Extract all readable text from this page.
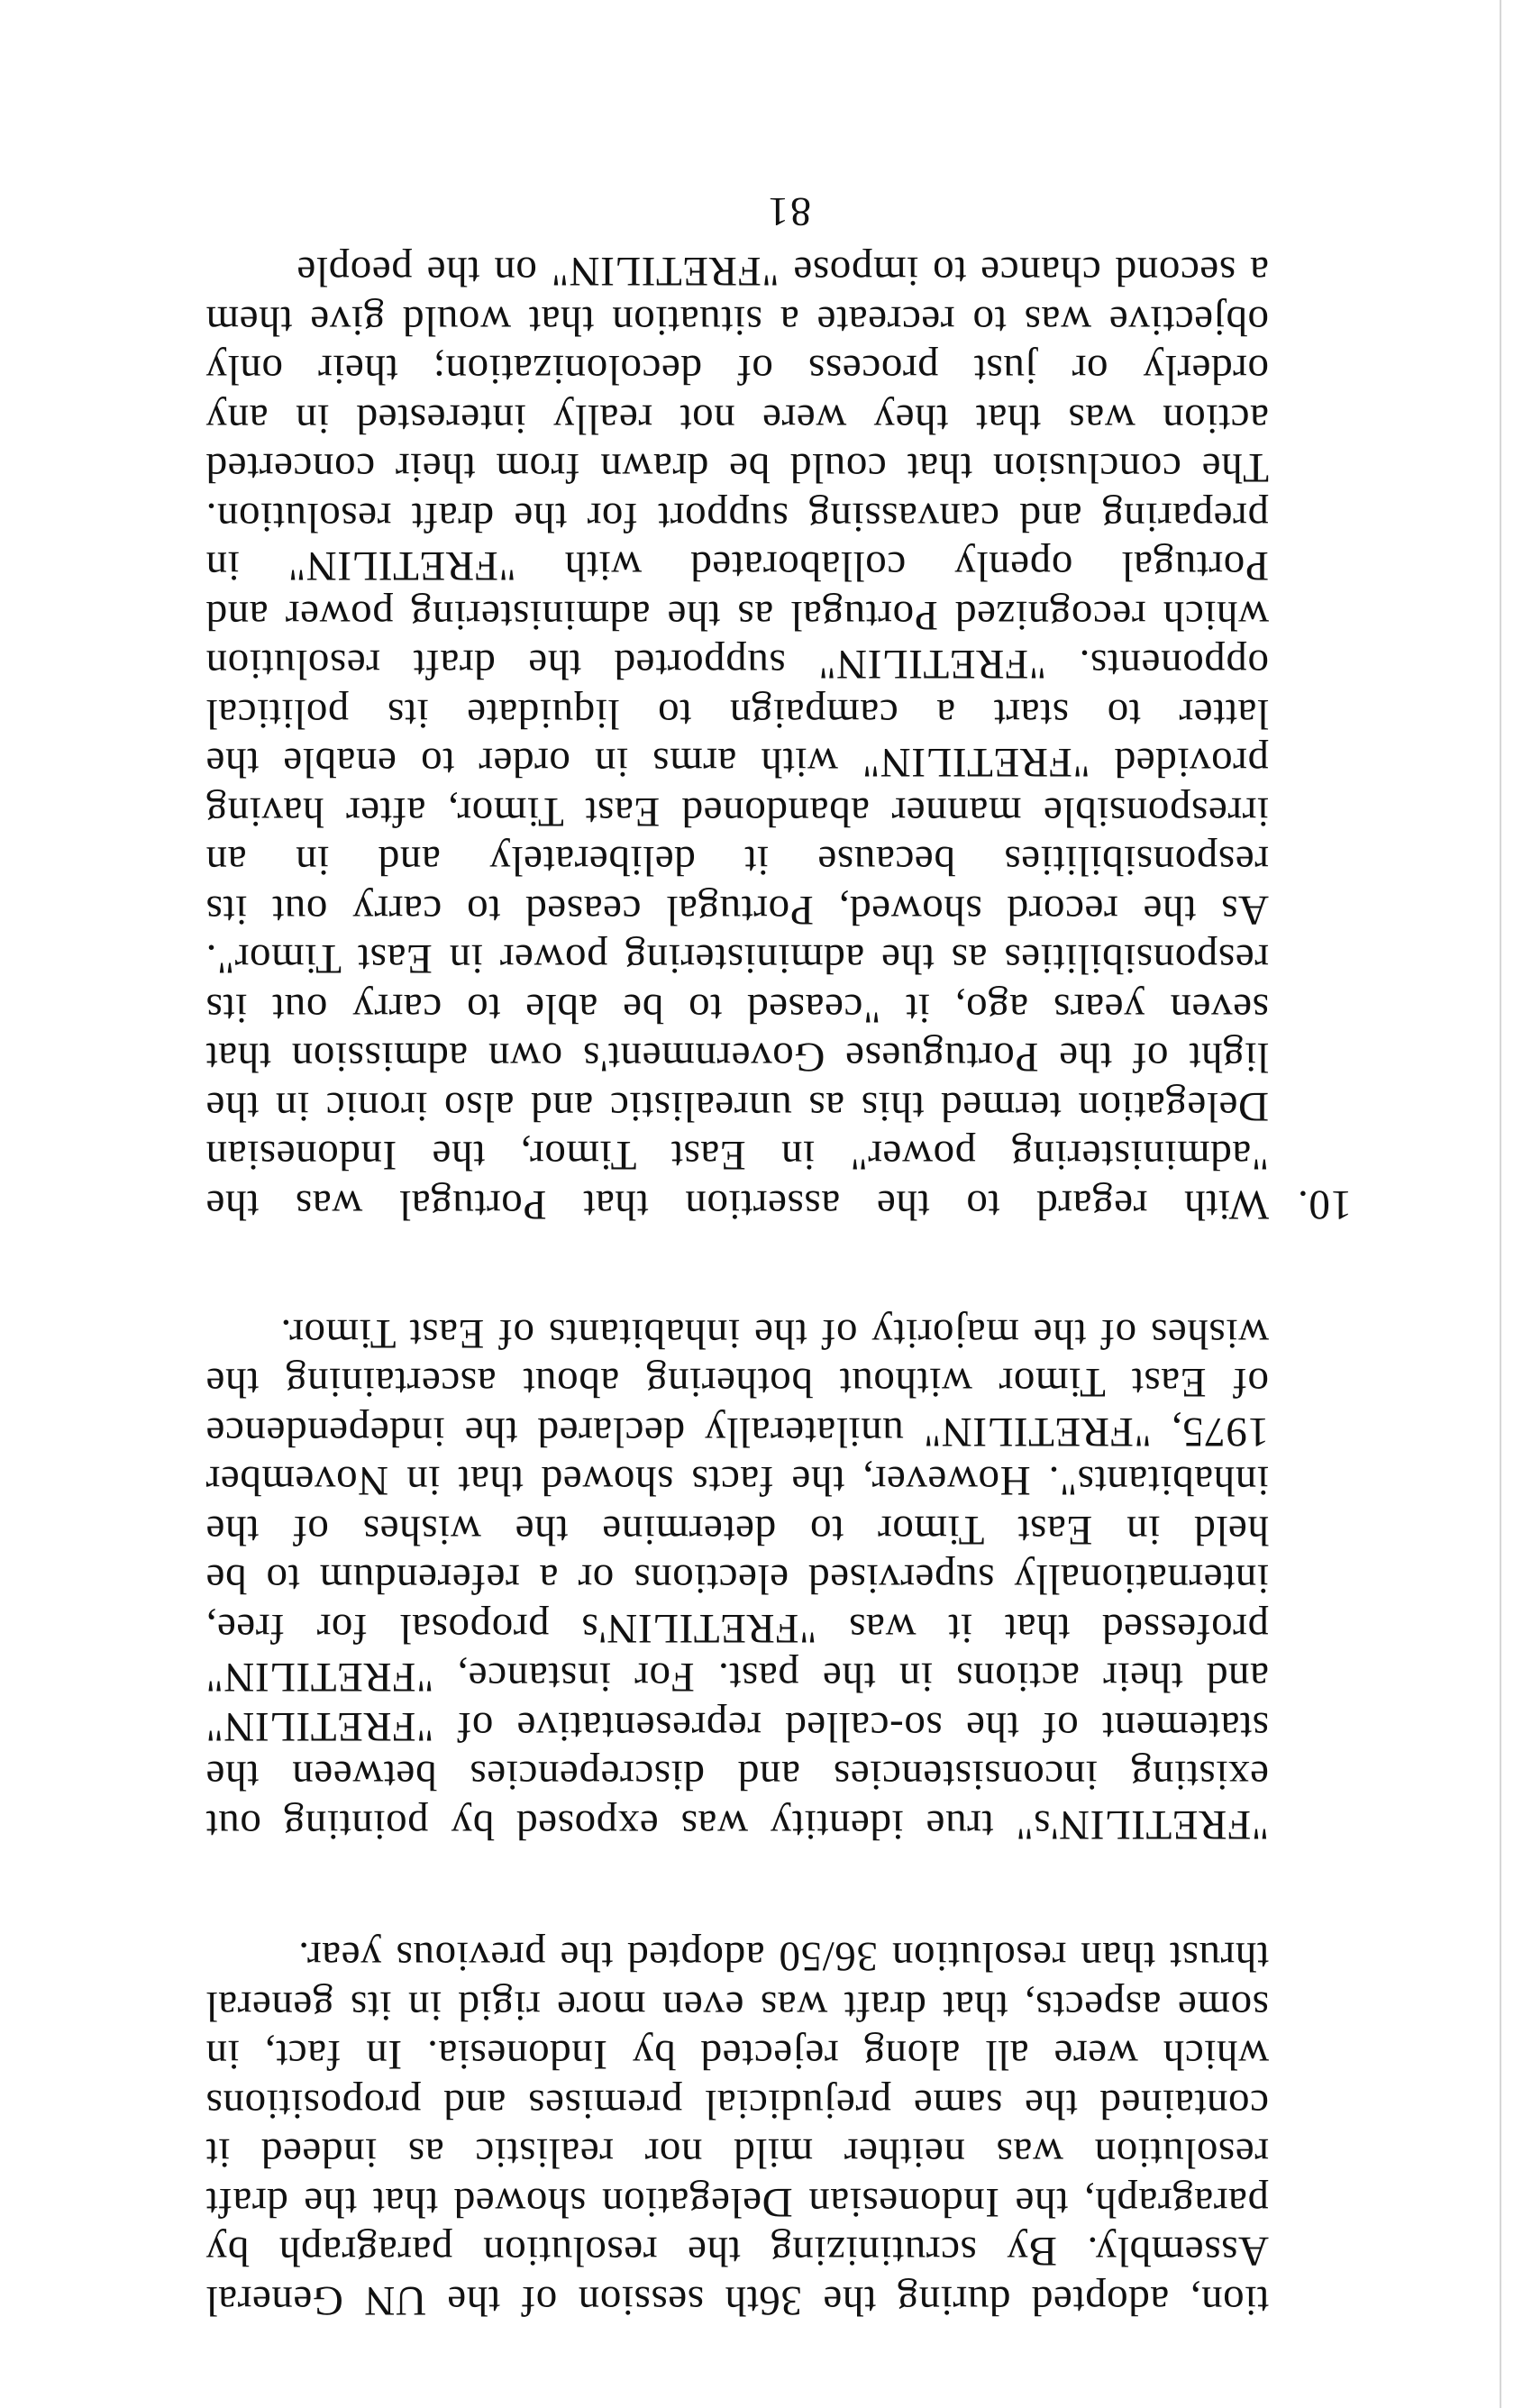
tion, adopted during the 36th session of the UN General Assembly. By scrutinizing the resolution paragraph by paragraph, the Indonesian Delegation showed that the draft resolution was neither mild nor realistic as indeed it contained the same prejudicial premises and propositions which were all along rejected by Indonesia. In fact, in some aspects, that draft was even more rigid in its general thrust than resolution 36/50 adopted the previous year.

"FRETILIN's" true identity was exposed by pointing out existing inconsistencies and discrepencies between the statement of the so-called representative of "FRETILIN" and their actions in the past. For instance, "FRETILIN" professed that it was "FRETILIN's proposal for free, internationally supervised elections or a referendum to be held in East Timor to determine the wishes of the inhabitants". However, the facts showed that in November 1975, "FRETILIN" unilaterally declared the independence of East Timor without bothering about ascertaining the wishes of the majority of the inhabitants of East Timor.

10.

With regard to the assertion that Portugal was the "administering power" in East Timor, the Indonesian Delegation termed this as unrealistic and also ironic in the light of the Portuguese Government's own admission that seven years ago, it "ceased to be able to carry out its responsibilities as the administering power in East Timor". As the record showed, Portugal ceased to carry out its responsibilities because it deliberately and in an irresponsible manner abandoned East Timor, after having provided "FRETILIN" with arms in order to enable the latter to start a campaign to liquidate its political opponents. "FRETILIN" supported the draft resolution which recognized Portugal as the administering power and Portugal openly collaborated with "FRETILIN" in preparing and canvassing support for the draft resolution. The conclusion that could be drawn from their concerted action was that they were not really interested in any orderly or just process of decolonization; their only objective was to recreate a situation that would give them a second chance to impose "FRETILIN" on the people

81
